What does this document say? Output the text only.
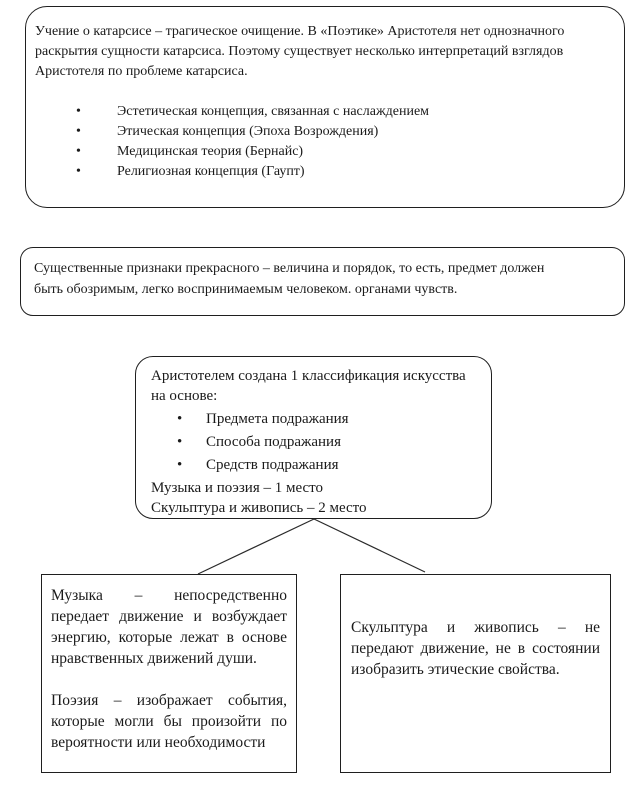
Учение о катарсисе – трагическое очищение. В «Поэтике» Аристотеля нет однозначного раскрытия сущности катарсиса. Поэтому существует несколько интерпретаций взглядов Аристотеля по проблеме катарсиса.

• Эстетическая концепция, связанная с наслаждением
• Этическая концепция (Эпоха Возрождения)
• Медицинская теория (Бернайс)
• Религиозная концепция (Гаупт)

Существенные признаки прекрасного – величина и порядок, то есть, предмет должен быть обозримым, легко воспринимаемым человеком. органами чувств.

Аристотелем создана 1 классификация искусства на основе:

• Предмета подражания
• Способа подражания
• Средств подражания

Музыка и поэзия – 1 место

Скульптура и живопись – 2 место

Музыка – непосредственно передает движение и возбуждает энергию, которые лежат в основе нравственных движений души.

Поэзия – изображает события, которые могли бы произойти по вероятности или необходимости

Скульптура и живопись – не передают движение, не в состоянии изобразить этические свойства.
